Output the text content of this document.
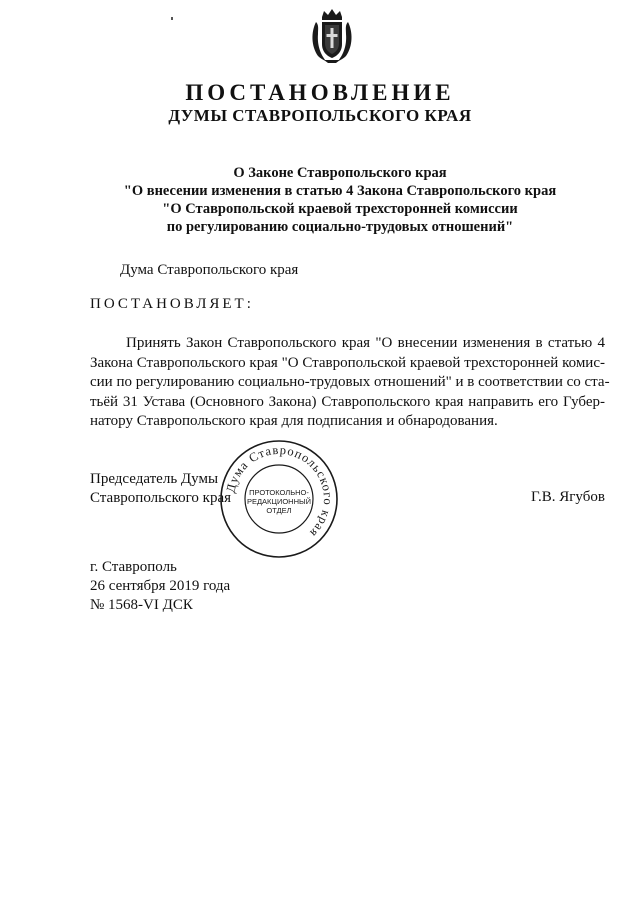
ПОСТАНОВЛЕНИЕ
ДУМЫ СТАВРОПОЛЬСКОГО КРАЯ
О Законе Ставропольского края
"О внесении изменения в статью 4 Закона Ставропольского края
"О Ставропольской краевой трехсторонней комиссии
по регулированию социально-трудовых отношений"
Дума Ставропольского края
ПОСТАНОВЛЯЕТ:
Принять Закон Ставропольского края "О внесении изменения в статью 4
Закона Ставропольского края "О Ставропольской краевой трехсторонней комис-
сии по регулированию социально-трудовых отношений" и в соответствии со ста-
тьёй 31 Устава (Основного Закона) Ставропольского края направить его Губер-
натору Ставропольского края для подписания и обнародования.
Председатель Думы
Ставропольского края	Г.В. Ягубов
Дума Ставропольского края
ПРОТОКОЛЬНО-
РЕДАКЦИОННЫЙ
ОТДЕЛ
г. Ставрополь
26 сентября 2019 года
№ 1568-VI ДСК
